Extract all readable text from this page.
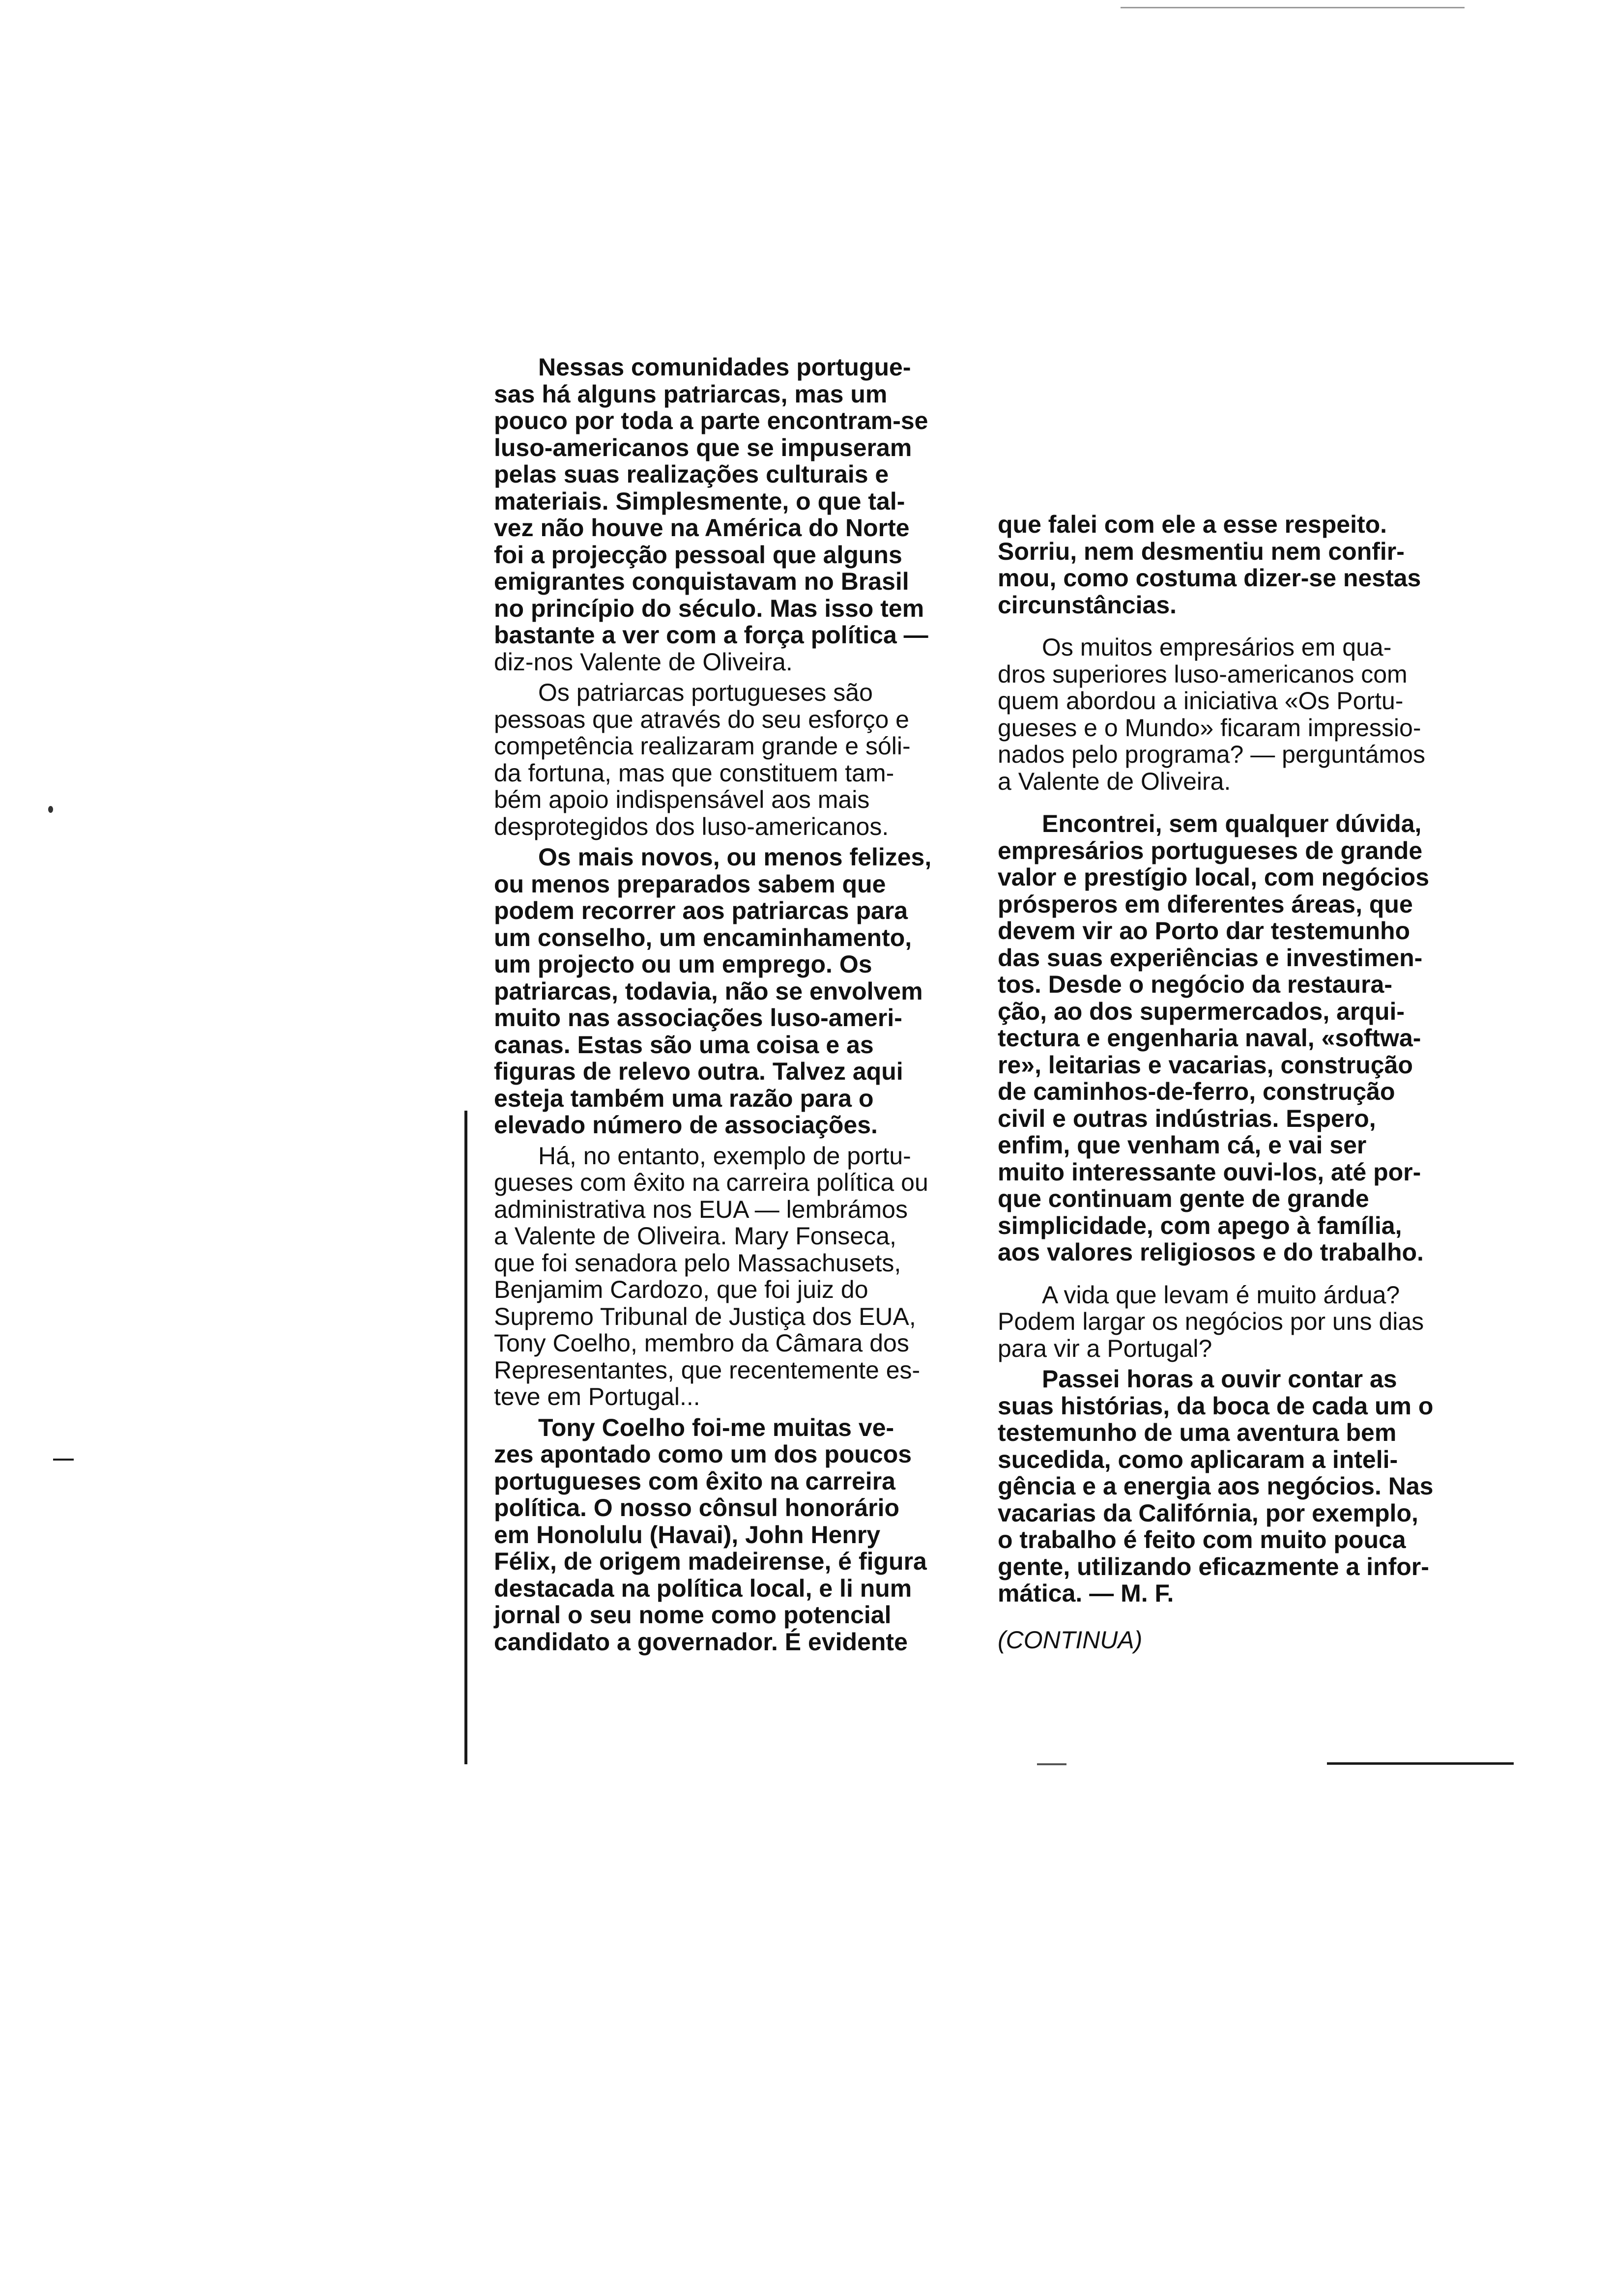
Nessas comunidades portugue-
sas há alguns patriarcas, mas um
pouco por toda a parte encontram-se
luso-americanos que se impuseram
pelas suas realizações culturais e
materiais. Simplesmente, o que tal-
vez não houve na América do Norte
foi a projecção pessoal que alguns
emigrantes conquistavam no Brasil
no princípio do século. Mas isso tem
bastante a ver com a força política —

diz-nos Valente de Oliveira.

Os patriarcas portugueses são
pessoas que através do seu esforço e
competência realizaram grande e sóli-
da fortuna, mas que constituem tam-
bém apoio indispensável aos mais
desprotegidos dos luso-americanos.

Os mais novos, ou menos felizes,
ou menos preparados sabem que
podem recorrer aos patriarcas para
um conselho, um encaminhamento,
um projecto ou um emprego. Os
patriarcas, todavia, não se envolvem
muito nas associações luso-ameri-
canas. Estas são uma coisa e as
figuras de relevo outra. Talvez aqui
esteja também uma razão para o
elevado número de associações.

Há, no entanto, exemplo de portu-
gueses com êxito na carreira política ou
administrativa nos EUA — lembrámos
a Valente de Oliveira. Mary Fonseca,
que foi senadora pelo Massachusets,
Benjamim Cardozo, que foi juiz do
Supremo Tribunal de Justiça dos EUA,
Tony Coelho, membro da Câmara dos
Representantes, que recentemente es-
teve em Portugal...

Tony Coelho foi-me muitas ve-
zes apontado como um dos poucos
portugueses com êxito na carreira
política. O nosso cônsul honorário
em Honolulu (Havai), John Henry
Félix, de origem madeirense, é figura
destacada na política local, e li num
jornal o seu nome como potencial
candidato a governador. É evidente

que falei com ele a esse respeito.
Sorriu, nem desmentiu nem confir-
mou, como costuma dizer-se nestas
circunstâncias.

Os muitos empresários em qua-
dros superiores luso-americanos com
quem abordou a iniciativa «Os Portu-
gueses e o Mundo» ficaram impressio-
nados pelo programa? — perguntámos
a Valente de Oliveira.

Encontrei, sem qualquer dúvida,
empresários portugueses de grande
valor e prestígio local, com negócios
prósperos em diferentes áreas, que
devem vir ao Porto dar testemunho
das suas experiências e investimen-
tos. Desde o negócio da restaura-
ção, ao dos supermercados, arqui-
tectura e engenharia naval, «softwa-
re», leitarias e vacarias, construção
de caminhos-de-ferro, construção
civil e outras indústrias. Espero,
enfim, que venham cá, e vai ser
muito interessante ouvi-los, até por-
que continuam gente de grande
simplicidade, com apego à família,
aos valores religiosos e do trabalho.

A vida que levam é muito árdua?
Podem largar os negócios por uns dias
para vir a Portugal?

Passei horas a ouvir contar as
suas histórias, da boca de cada um o
testemunho de uma aventura bem
sucedida, como aplicaram a inteli-
gência e a energia aos negócios. Nas
vacarias da Califórnia, por exemplo,
o trabalho é feito com muito pouca
gente, utilizando eficazmente a infor-
mática. — M. F.

(CONTINUA)
